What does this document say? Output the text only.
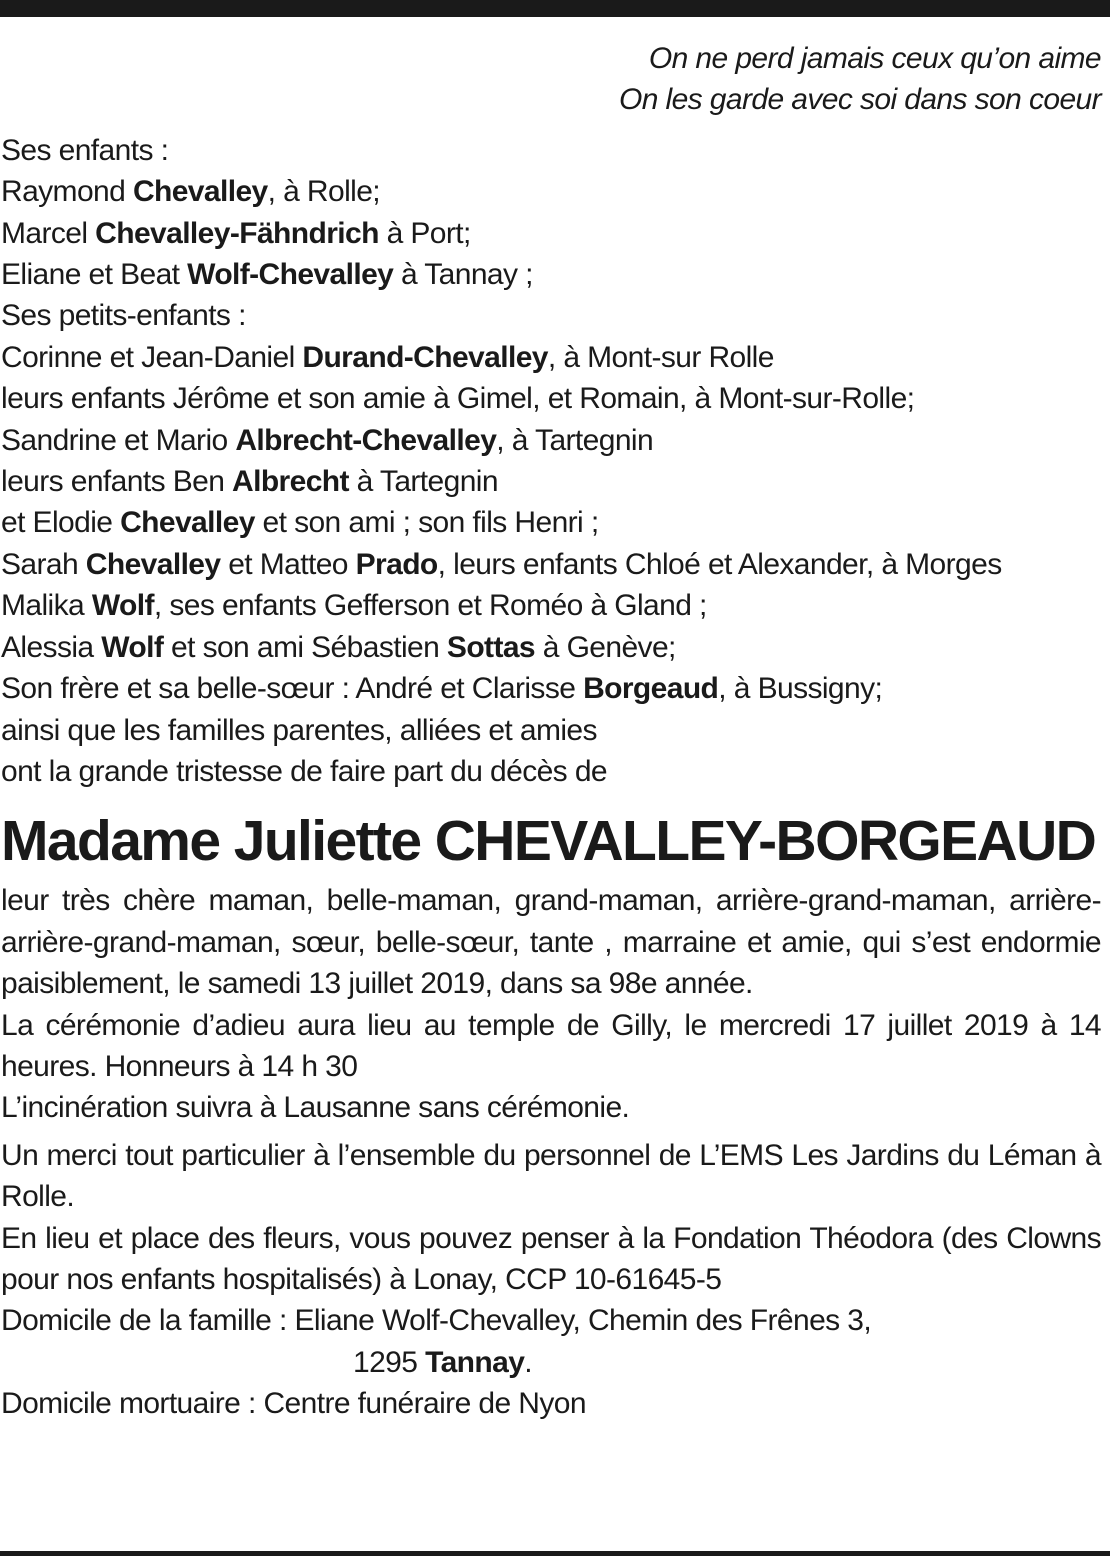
On ne perd jamais ceux qu’on aime
On les garde avec soi dans son coeur
Ses enfants :
Raymond Chevalley, à Rolle;
Marcel Chevalley-Fähndrich à Port;
Eliane et Beat Wolf-Chevalley à Tannay ;
Ses petits-enfants :
Corinne et Jean-Daniel Durand-Chevalley, à Mont-sur Rolle
leurs enfants Jérôme et son amie à Gimel, et Romain, à Mont-sur-Rolle;
Sandrine et Mario Albrecht-Chevalley, à Tartegnin
leurs enfants Ben Albrecht à Tartegnin
et Elodie Chevalley et son ami ; son fils Henri ;
Sarah Chevalley et Matteo Prado, leurs enfants Chloé et Alexander, à Morges
Malika Wolf, ses enfants Gefferson et Roméo à Gland ;
Alessia Wolf et son ami Sébastien Sottas à Genève;
Son frère et sa belle-sœur : André et Clarisse Borgeaud, à Bussigny;
ainsi que les familles parentes, alliées et amies
ont la grande tristesse de faire part du décès de
Madame Juliette CHEVALLEY-BORGEAUD
leur très chère maman, belle-maman, grand-maman, arrière-grand-maman, arrière-arrière-grand-maman, sœur, belle-sœur, tante , marraine et amie, qui s’est endormie paisiblement, le samedi 13 juillet 2019, dans sa 98e année.
La cérémonie d’adieu aura lieu au temple de Gilly, le mercredi 17 juillet 2019 à 14 heures. Honneurs à 14 h 30
L’incinération suivra à Lausanne sans cérémonie.
Un merci tout particulier à l’ensemble du personnel de L’EMS Les Jardins du Léman à Rolle.
En lieu et place des fleurs, vous pouvez penser à la Fondation Théodora (des Clowns pour nos enfants hospitalisés) à Lonay, CCP 10-61645-5
Domicile de la famille : Eliane Wolf-Chevalley, Chemin des Frênes 3,
1295 Tannay.
Domicile mortuaire : Centre funéraire de Nyon
